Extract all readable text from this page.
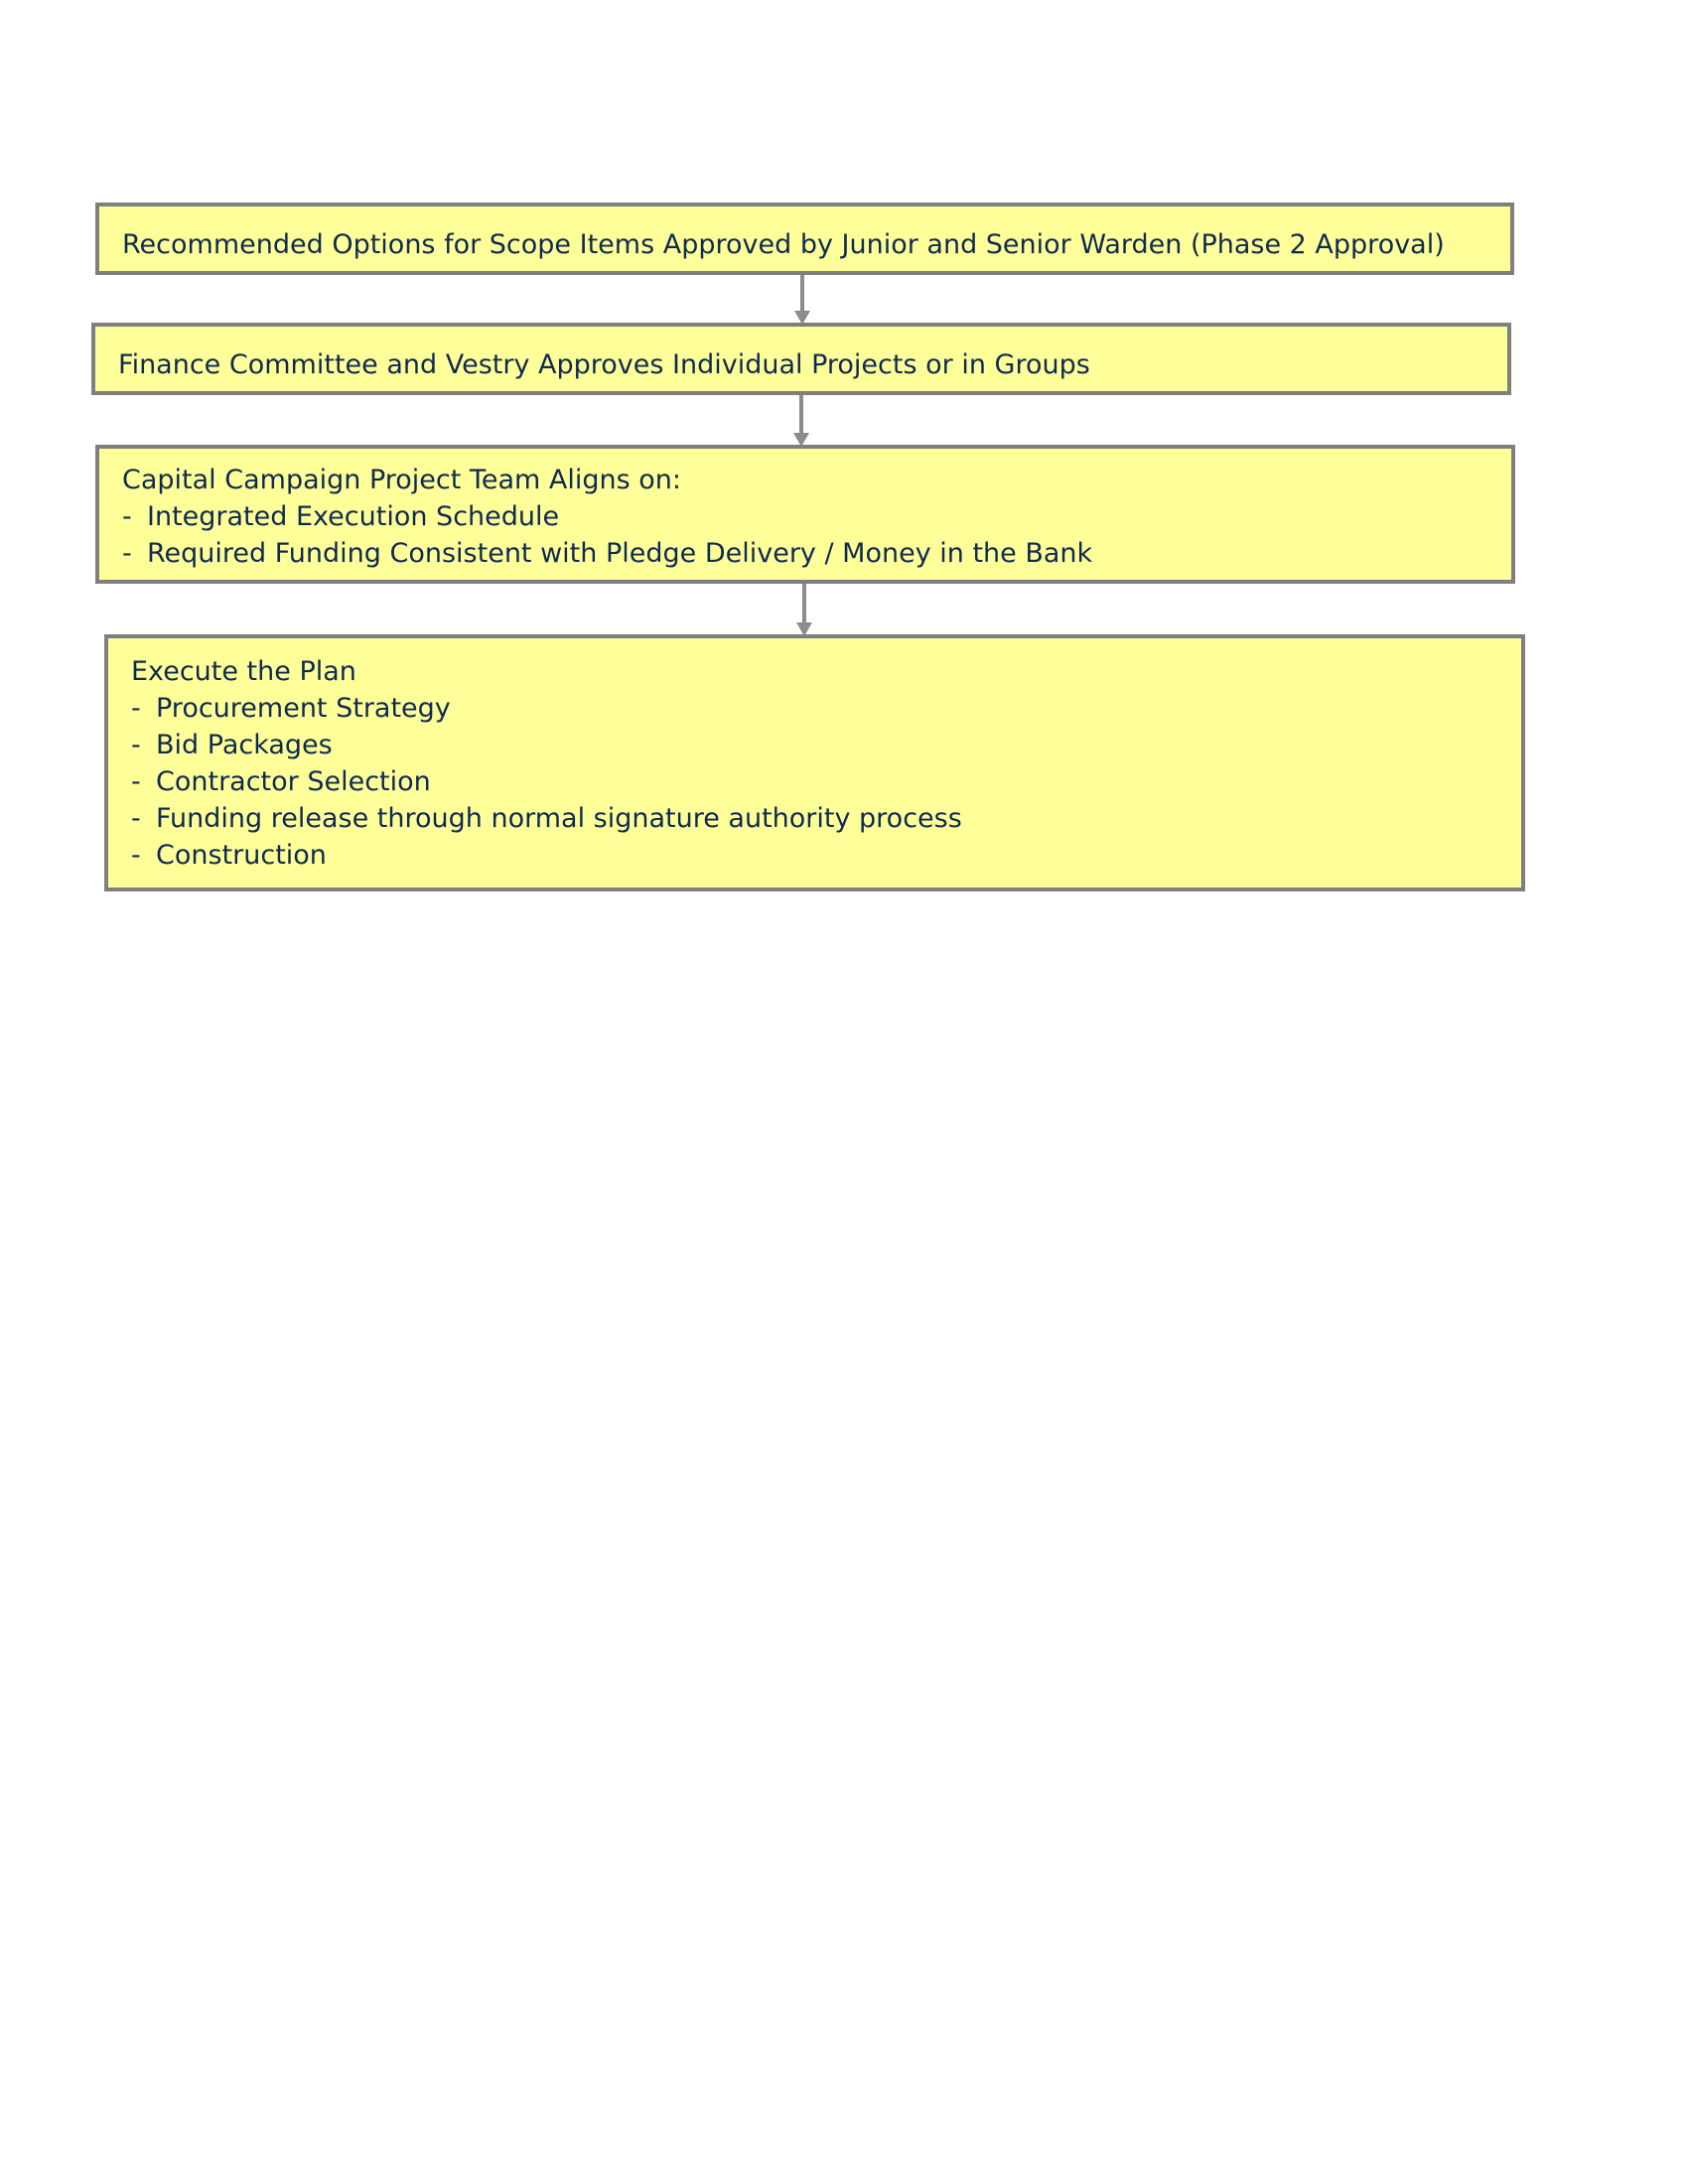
Recommended Options for Scope Items Approved by Junior and Senior Warden (Phase 2 Approval)
Finance Committee and Vestry Approves Individual Projects or in Groups
Capital Campaign Project Team Aligns on:
- Integrated Execution Schedule
- Required Funding Consistent with Pledge Delivery / Money in the Bank
Execute the Plan
- Procurement Strategy
- Bid Packages
- Contractor Selection
- Funding release through normal signature authority process
- Construction
